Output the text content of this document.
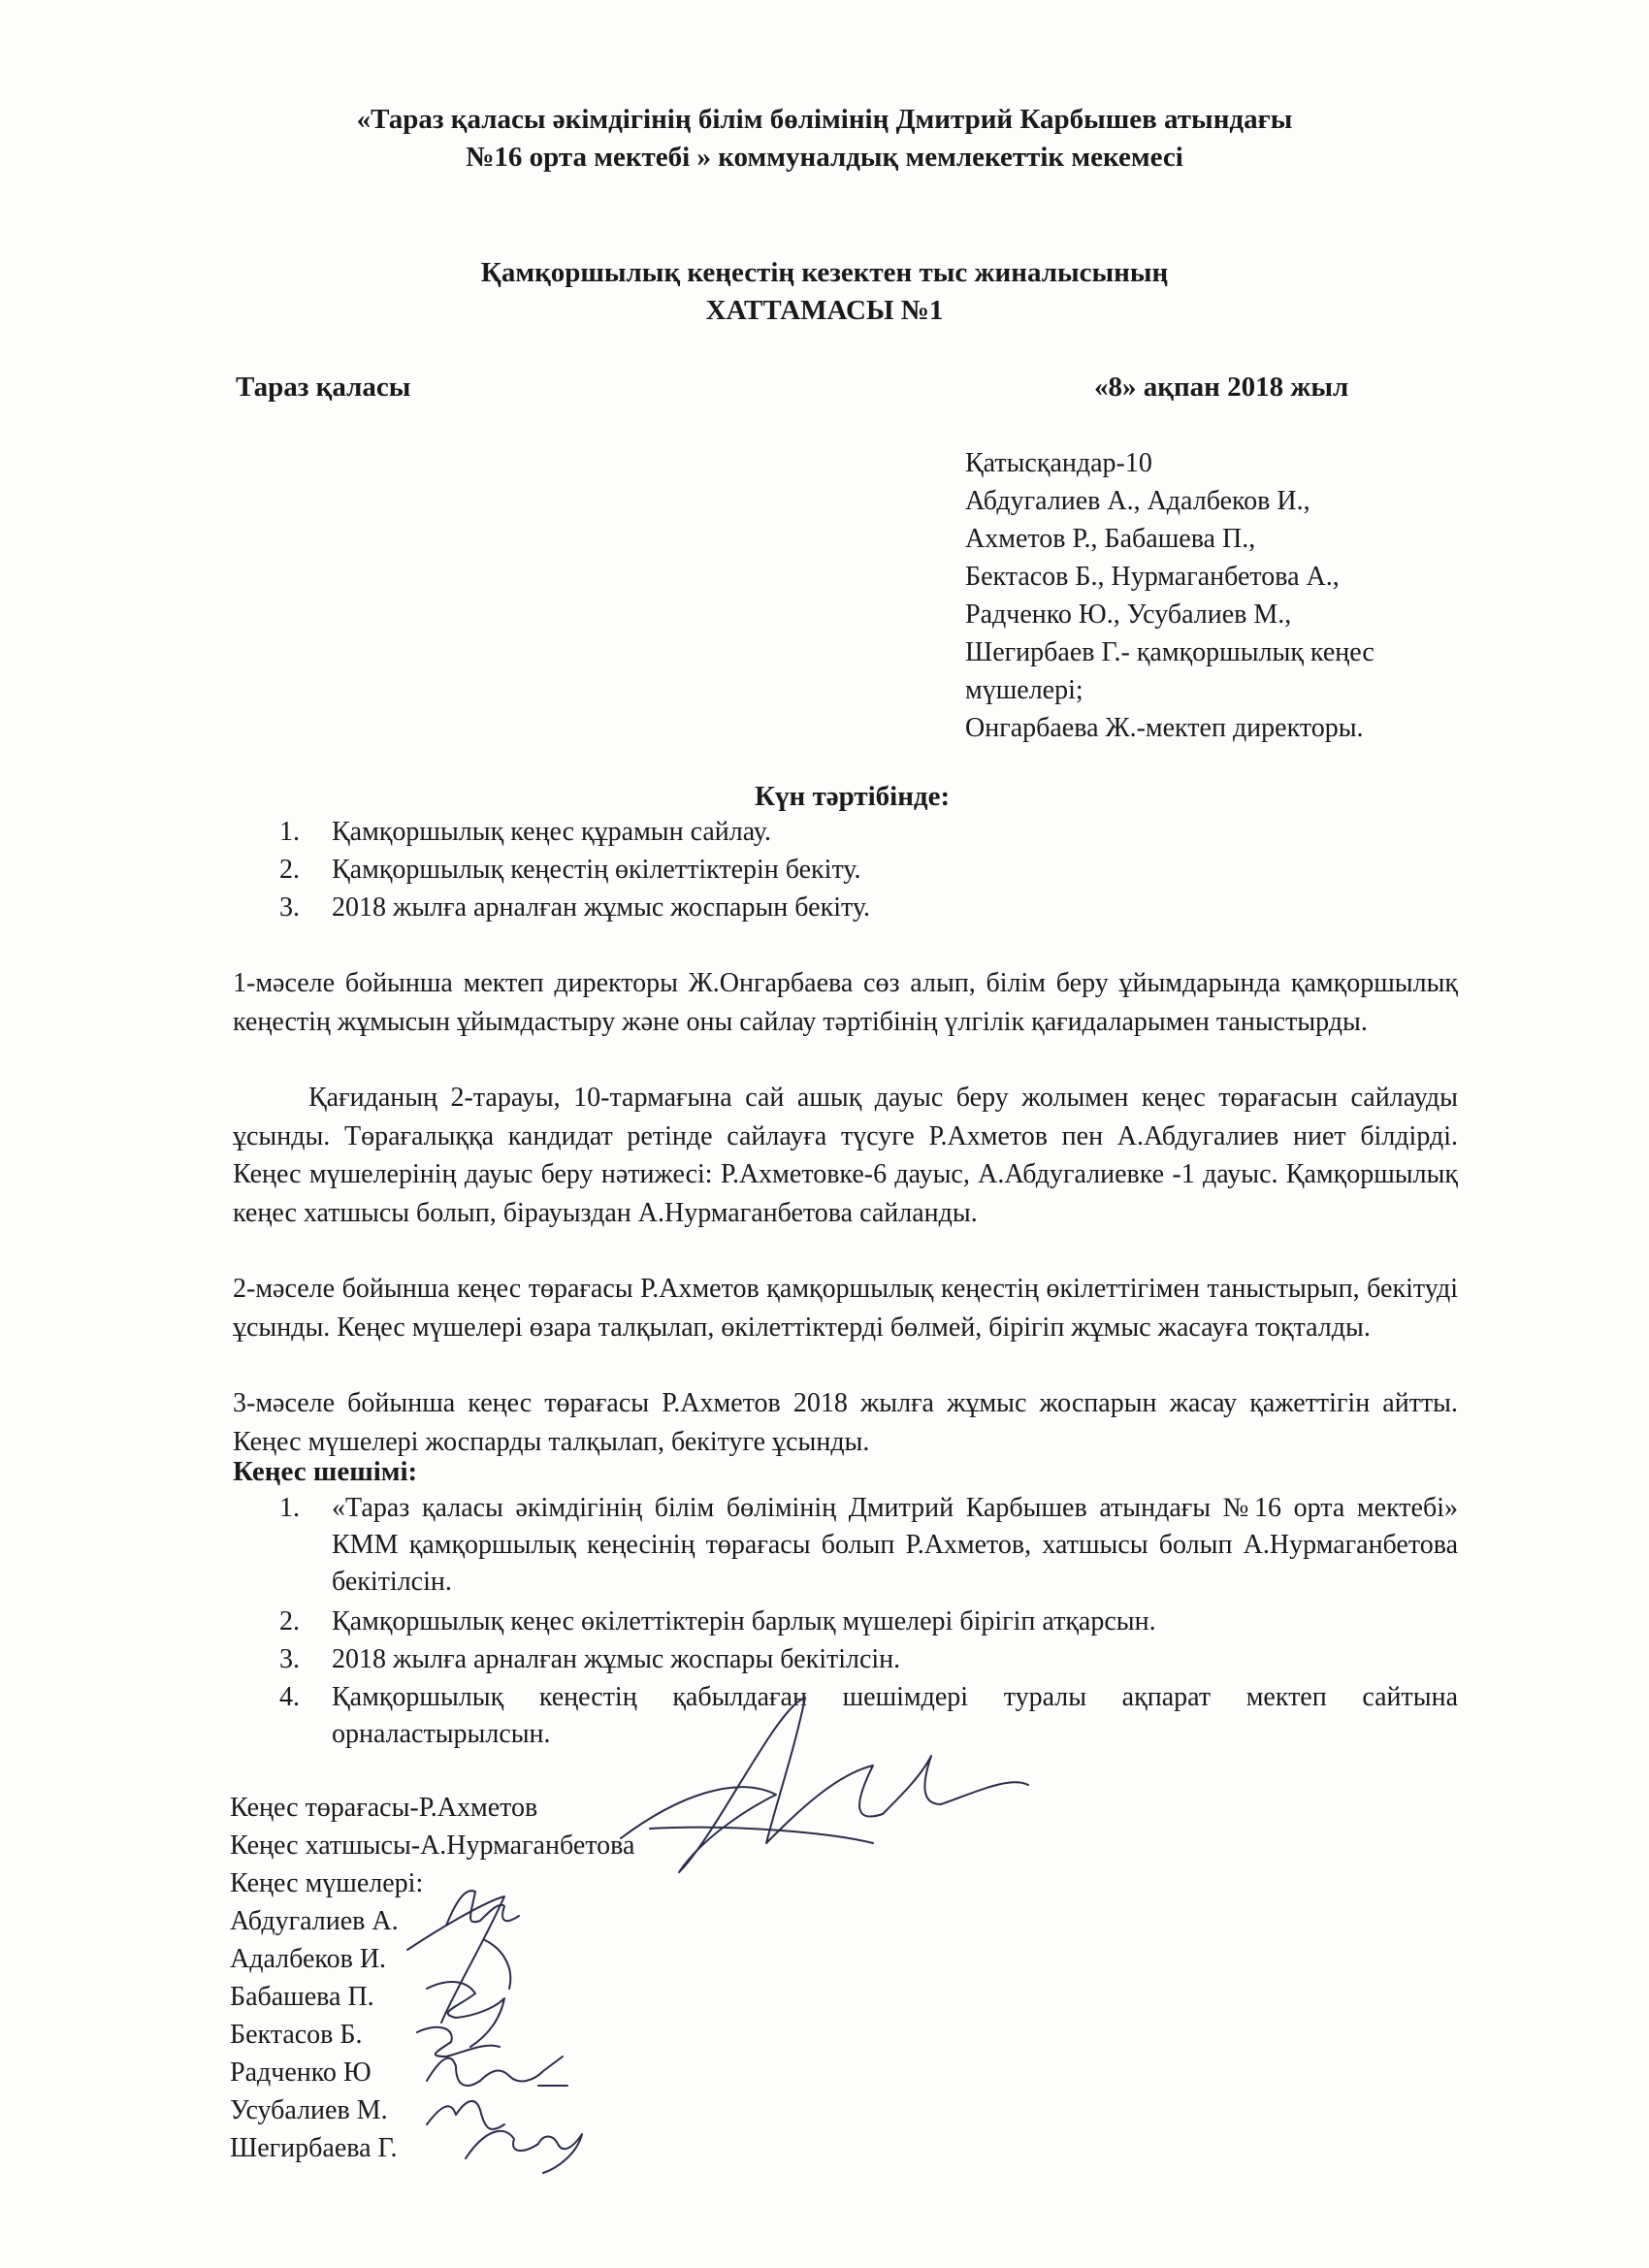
«Тараз қаласы әкімдігінің білім бөлімінің Дмитрий Карбышев атындағы
№16 орта мектебі » коммуналдық мемлекеттік мекемесі
Қамқоршылық кеңестің кезектен тыс жиналысының
ХАТТАМАСЫ №1
Тараз қаласы	«8» ақпан 2018 жыл
Қатысқандар-10
Абдугалиев А., Адалбеков И.,
Ахметов Р., Бабашева П.,
Бектасов Б., Нурмаганбетова А.,
Радченко Ю., Усубалиев М.,
Шегирбаев Г.- қамқоршылық кеңес
мүшелері;
Онгарбаева Ж.-мектеп директоры.
Күн тәртібінде:
1. Қамқоршылық кеңес құрамын сайлау.
2. Қамқоршылық кеңестің өкілеттіктерін бекіту.
3. 2018 жылға арналған жұмыс жоспарын бекіту.
1-мәселе бойынша мектеп директоры Ж.Онгарбаева сөз алып, білім беру ұйымдарында қамқоршылық кеңестің жұмысын ұйымдастыру және оны сайлау тәртібінің үлгілік қағидаларымен таныстырды.
Қағиданың 2-тарауы, 10-тармағына сай ашық дауыс беру жолымен кеңес төрағасын сайлауды ұсынды. Төрағалыққа кандидат ретінде сайлауға түсуге Р.Ахметов пен А.Абдугалиев ниет білдірді. Кеңес мүшелерінің дауыс беру нәтижесі: Р.Ахметовке-6 дауыс, А.Абдугалиевке -1 дауыс. Қамқоршылық кеңес хатшысы болып, бірауыздан А.Нурмаганбетова сайланды.
2-мәселе бойынша кеңес төрағасы Р.Ахметов қамқоршылық кеңестің өкілеттігімен таныстырып, бекітуді ұсынды. Кеңес мүшелері өзара талқылап, өкілеттіктерді бөлмей, бірігіп жұмыс жасауға тоқталды.
3-мәселе бойынша кеңес төрағасы Р.Ахметов 2018 жылға жұмыс жоспарын жасау қажеттігін айтты. Кеңес мүшелері жоспарды талқылап, бекітуге ұсынды.
Кеңес шешімі:
1. «Тараз қаласы әкімдігінің білім бөлімінің Дмитрий Карбышев атындағы №16 орта мектебі» КММ қамқоршылық кеңесінің төрағасы болып Р.Ахметов, хатшысы болып А.Нурмаганбетова бекітілсін.
2. Қамқоршылық кеңес өкілеттіктерін барлық мүшелері бірігіп атқарсын.
3. 2018 жылға арналған жұмыс жоспары бекітілсін.
4. Қамқоршылық кеңестің қабылдаған шешімдері туралы ақпарат мектеп сайтына орналастырылсын.
Кеңес төрағасы-Р.Ахметов
Кеңес хатшысы-А.Нурмаганбетова
Кеңес мүшелері:
Абдугалиев А.
Адалбеков И.
Бабашева П.
Бектасов Б.
Радченко Ю
Усубалиев М.
Шегирбаева Г.
